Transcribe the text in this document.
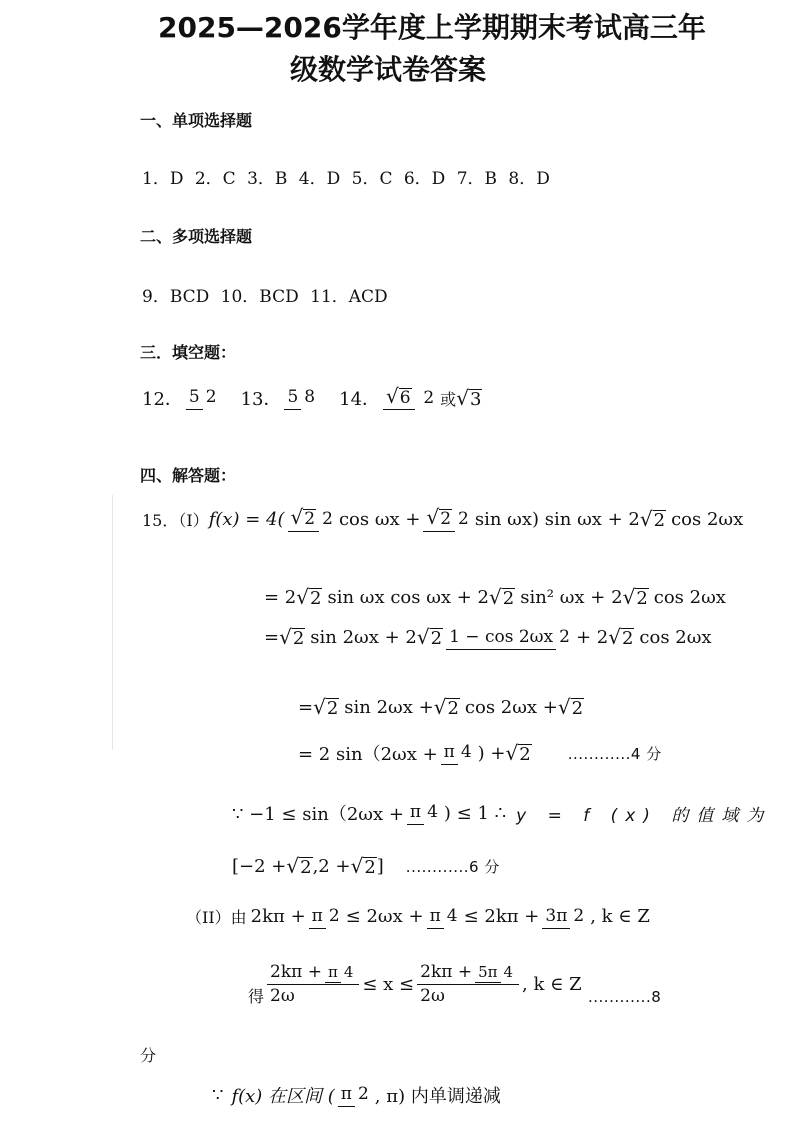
2025—2026学年度上学期期末考试高三年
级数学试卷答案
一、单项选择题
1．D 2．C 3．B 4．D 5．C 6．D 7．B 8．D
二、多项选择题
9．BCD 10．BCD 11．ACD
三．填空题：
12． 5 2 13． 5 8 14． √6 2 或 √3
四、解答题：
15．（I） f(x) = 4( √2 2 cos ωx + √2 2 sin ωx) sin ωx + 2 √2 cos 2ωx
= 2 √2 sin ωx cos ωx + 2 √2 sin² ωx + 2 √2 cos 2ωx
= √2 sin 2ωx + 2 √2 1 − cos 2ωx 2 + 2 √2 cos 2ωx
= √2 sin 2ωx + √2 cos 2ωx + √2
= 2 sin（2ωx + π 4 ) + √2 ............4 分
∵ −1 ≤ sin（2ωx + π 4 ) ≤ 1 ∴ y = f (x) 的值域为
[−2 + √2 ,2 + √2 ] ............6 分
（II）由 2kπ + π 2 ≤ 2ωx + π 4 ≤ 2kπ + 3π 2 , k ∈ Z
得 $\frac{2k\pi + \pi 4}{2\omega} \le x \le \frac{2k\pi + 5\pi 4}{2\omega}$ , k ∈ Z
............8
分
∵ f(x) 在区间 ( π 2 , π) 内单调递减
